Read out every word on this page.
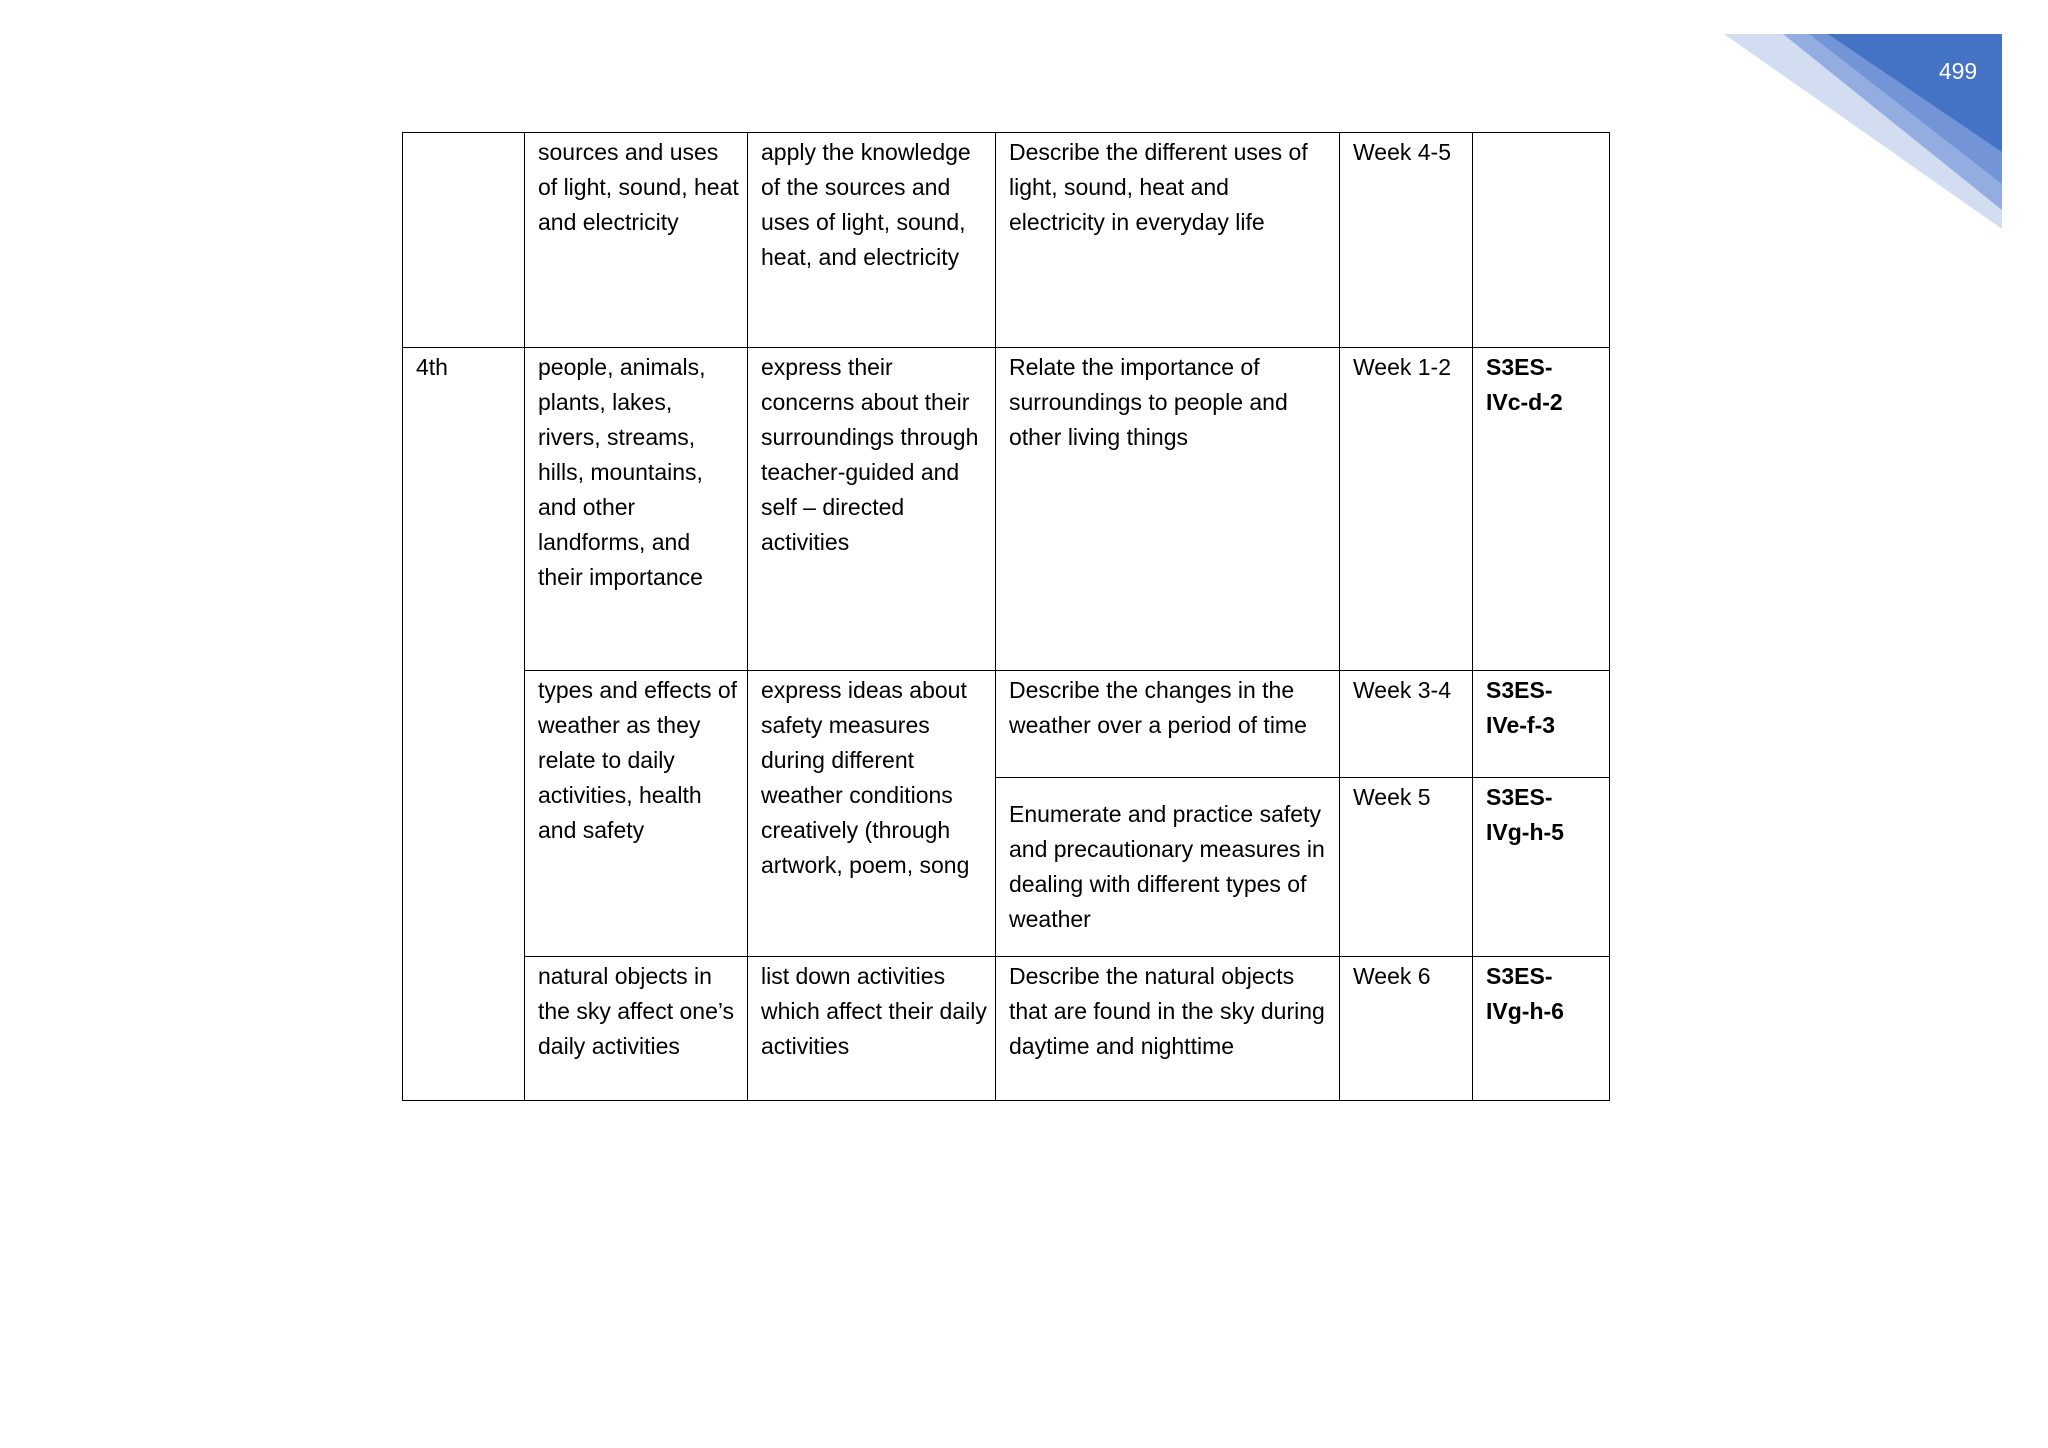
499
	sources and uses of light, sound, heat and electricity	apply the knowledge of the sources and uses of light, sound, heat, and electricity	Describe the different uses of light, sound, heat and electricity in everyday life	Week 4-5	
4th	people, animals, plants, lakes, rivers, streams, hills, mountains, and other landforms, and their importance	express their concerns about their surroundings through teacher-guided and self – directed activities	Relate the importance of surroundings to people and other living things	Week 1-2	S3ES-IVc-d-2
	types and effects of weather as they relate to daily activities, health and safety	express ideas about safety measures during different weather conditions creatively (through artwork, poem, song	Describe the changes in the weather over a period of time	Week 3-4	S3ES-IVe-f-3
			Enumerate and practice safety and precautionary measures in dealing with different types of weather	Week 5	S3ES-IVg-h-5
	natural objects in the sky affect one’s daily activities	list down activities which affect their daily activities	Describe the natural objects that are found in the sky during daytime and nighttime	Week 6	S3ES-IVg-h-6
